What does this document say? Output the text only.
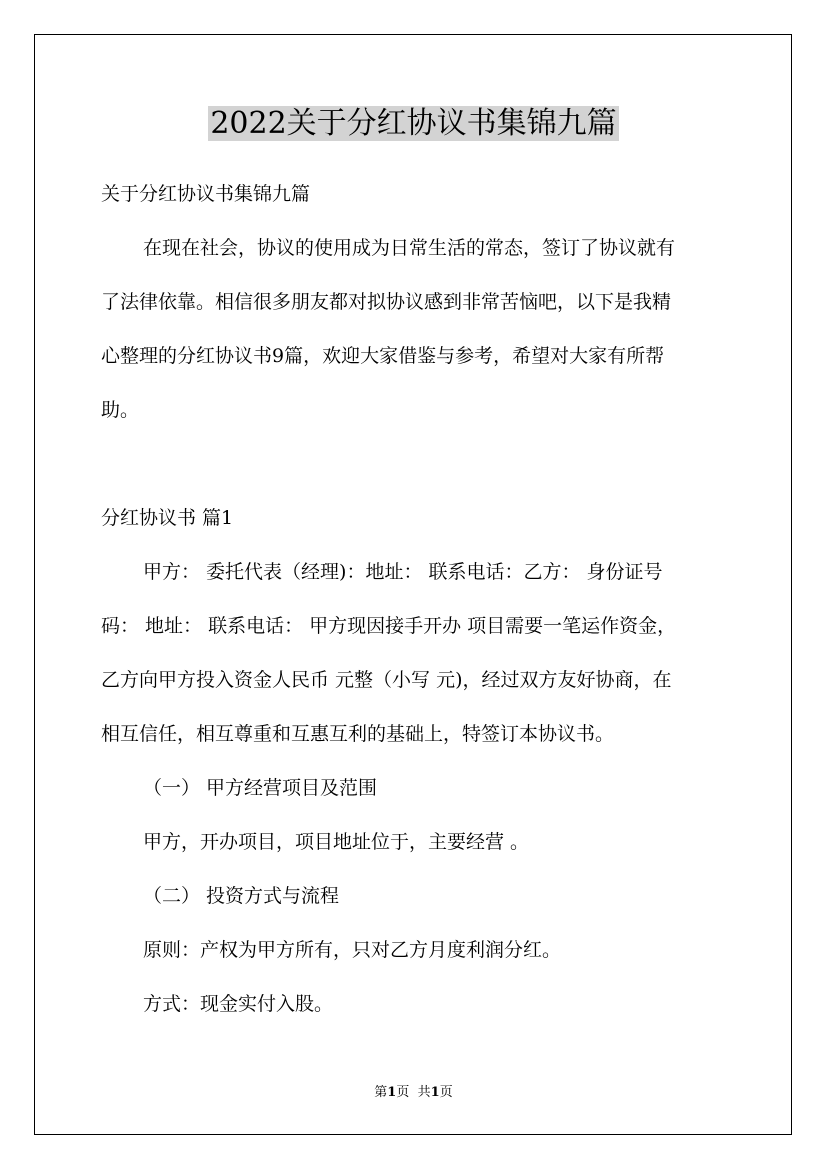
2022关于分红协议书集锦九篇

关于分红协议书集锦九篇

在现在社会，协议的使用成为日常生活的常态，签订了协议就有

了法律依靠。相信很多朋友都对拟协议感到非常苦恼吧，以下是我精

心整理的分红协议书9篇，欢迎大家借鉴与参考，希望对大家有所帮

助。

分红协议书 篇1

甲方： 委托代表（经理)：地址： 联系电话：乙方： 身份证号

码： 地址： 联系电话： 甲方现因接手开办 项目需要一笔运作资金，

乙方向甲方投入资金人民币 元整（小写 元)，经过双方友好协商，在

相互信任，相互尊重和互惠互利的基础上，特签订本协议书。

（一） 甲方经营项目及范围

甲方，开办项目，项目地址位于，主要经营 。

（二） 投资方式与流程

原则：产权为甲方所有，只对乙方月度利润分红。

方式：现金实付入股。

第1页 共1页
